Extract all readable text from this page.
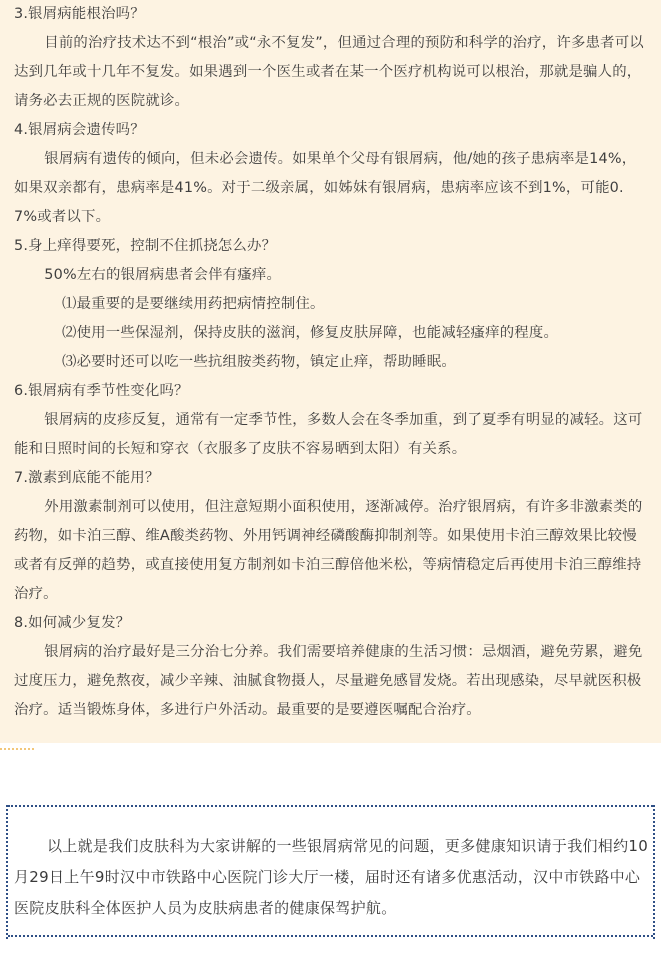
3.银屑病能根治吗？

目前的治疗技术达不到“根治”或“永不复发”，但通过合理的预防和科学的治疗，许多患者可以达到几年或十几年不复发。如果遇到一个医生或者在某一个医疗机构说可以根治，那就是骗人的，请务必去正规的医院就诊。

4.银屑病会遗传吗？

银屑病有遗传的倾向，但未必会遗传。如果单个父母有银屑病，他/她的孩子患病率是14%，如果双亲都有，患病率是41%。对于二级亲属，如姊妹有银屑病，患病率应该不到1%，可能0.7%或者以下。

5.身上痒得要死，控制不住抓挠怎么办？

50%左右的银屑病患者会伴有瘙痒。

⑴最重要的是要继续用药把病情控制住。

⑵使用一些保湿剂，保持皮肤的滋润，修复皮肤屏障，也能减轻瘙痒的程度。

⑶必要时还可以吃一些抗组胺类药物，镇定止痒，帮助睡眠。

6.银屑病有季节性变化吗？

银屑病的皮疹反复，通常有一定季节性，多数人会在冬季加重，到了夏季有明显的减轻。这可能和日照时间的长短和穿衣（衣服多了皮肤不容易晒到太阳）有关系。

7.激素到底能不能用？

外用激素制剂可以使用，但注意短期小面积使用，逐渐减停。治疗银屑病，有许多非激素类的药物，如卡泊三醇、维A酸类药物、外用钙调神经磷酸酶抑制剂等。如果使用卡泊三醇效果比较慢或者有反弹的趋势，或直接使用复方制剂如卡泊三醇倍他米松，等病情稳定后再使用卡泊三醇维持治疗。

8.如何减少复发？

银屑病的治疗最好是三分治七分养。我们需要培养健康的生活习惯：忌烟酒，避免劳累，避免过度压力，避免熬夜，减少辛辣、油腻食物摄人，尽量避免感冒发烧。若出现感染，尽早就医积极治疗。适当锻炼身体，多进行户外活动。最重要的是要遵医嘱配合治疗。

以上就是我们皮肤科为大家讲解的一些银屑病常见的问题，更多健康知识请于我们相约10月29日上午9时汉中市铁路中心医院门诊大厅一楼，届时还有诸多优惠活动，汉中市铁路中心医院皮肤科全体医护人员为皮肤病患者的健康保驾护航。
